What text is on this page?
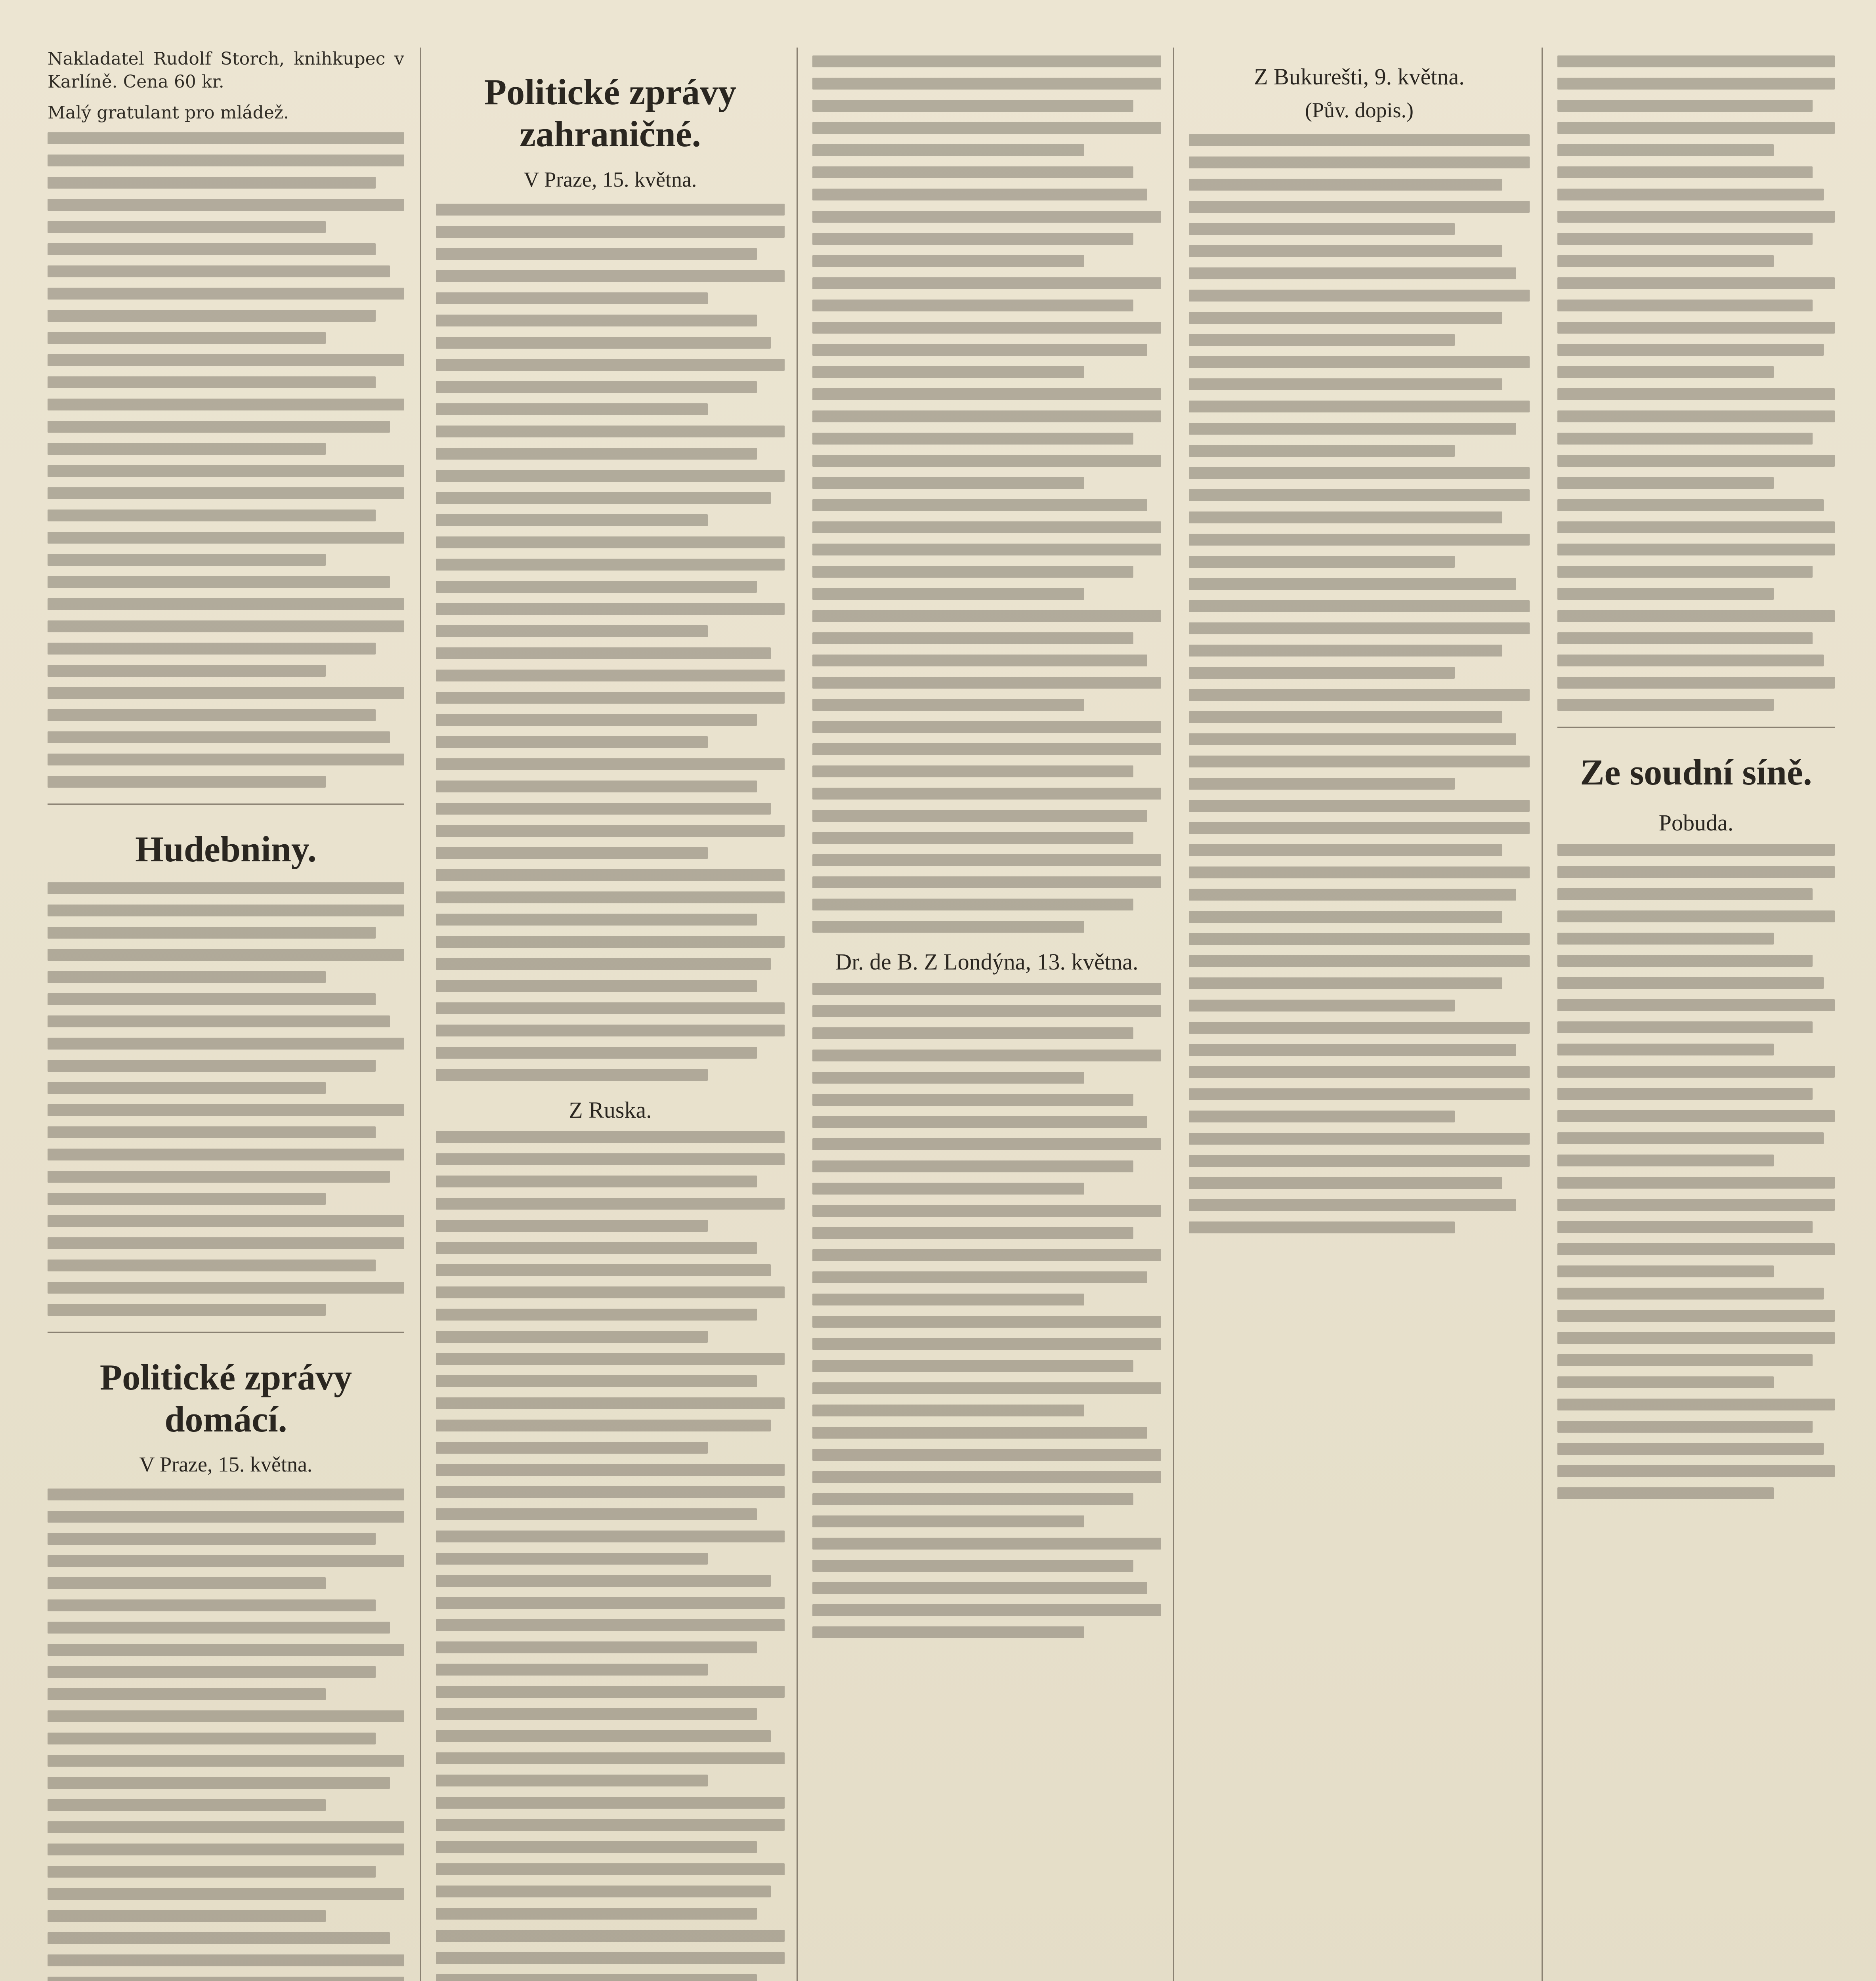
Nakladatel Rudolf Storch, knihkupec v Karlíně. Cena 60 kr.

Malý gratulant pro mládež.

Hudebniny.
Politické zprávy domácí.

V Praze, 15. května.

Politické zprávy zahraničné.

V Praze, 15. května.

Z Ruska.

Dr. de B. Z Londýna, 13. května.

Z Bukurešti, 9. května.

(Pův. dopis.)

Ze soudní síně.

Pobuda.
